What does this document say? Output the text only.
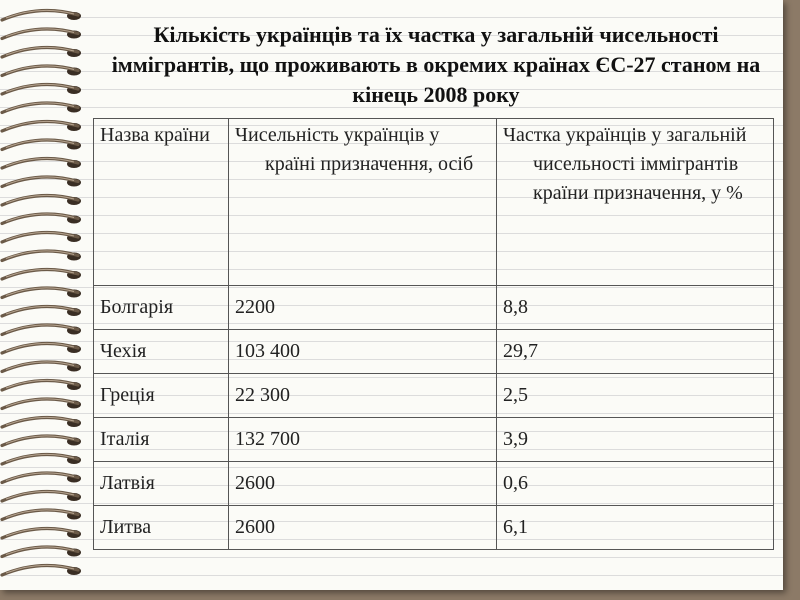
Кількість українців та їх частка у загальній чисельності іммігрантів, що проживають в окремих країнах ЄС-27 станом на кінець 2008 року
Назва країни	Чисельність українців у країні призначення, осіб	Частка українців у загальній чисельності іммігрантів країни призначення, у %

Болгарія	2200	8,8
Чехія	103 400	29,7
Греція	22 300	2,5
Італія	132 700	3,9
Латвія	2600	0,6
Литва	2600	6,1
